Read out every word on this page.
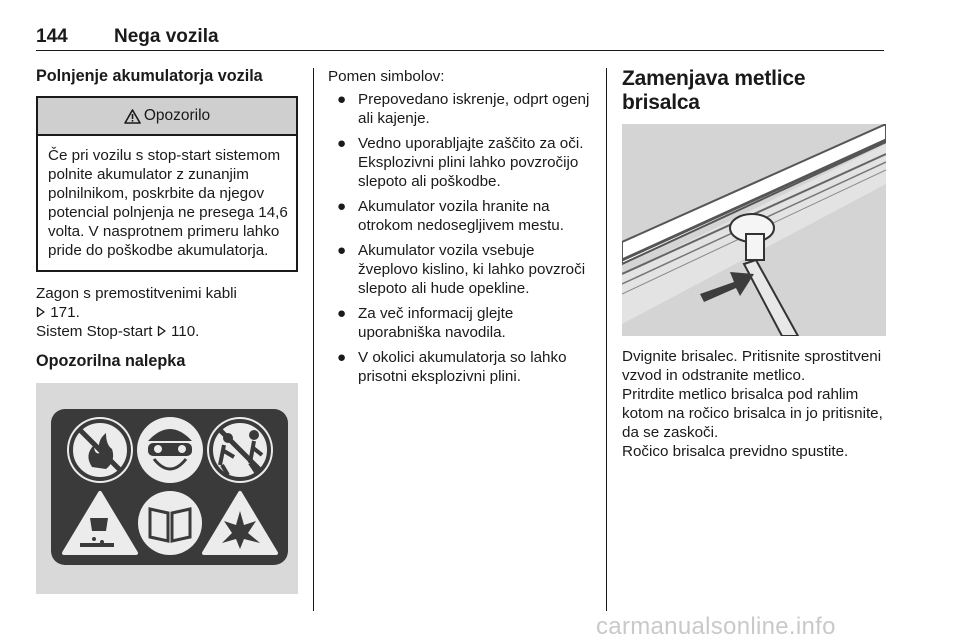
144 Nega vozila
Polnjenje akumulatorja vozila
Opozorilo
Če pri vozilu s stop-start sistemom polnite akumulator z zunanjim polnilnikom, poskrbite da njegov potencial polnjenja ne presega 14,6 volta. V nasprotnem primeru lahko pride do poškodbe akumulatorja.

Zagon s premostitvenimi kabli
171.

Sistem Stop-start 110.

Opozorilna nalepka

Pomen simbolov:

● Prepovedano iskrenje, odprt ogenj ali kajenje.
● Vedno uporabljajte zaščito za oči. Eksplozivni plini lahko povzročijo slepoto ali poškodbe.
● Akumulator vozila hranite na otrokom nedosegljivem mestu.
● Akumulator vozila vsebuje žveplovo kislino, ki lahko povzroči slepoto ali hude opekline.
● Za več informacij glejte uporabniška navodila.
● V okolici akumulatorja so lahko prisotni eksplozivni plini.
Zamenjava metlice brisalca

Dvignite brisalec. Pritisnite sprostitveni vzvod in odstranite metlico.

Pritrdite metlico brisalca pod rahlim kotom na ročico brisalca in jo pritisnite, da se zaskoči.

Ročico brisalca previdno spustite.

carmanualsonline.info
